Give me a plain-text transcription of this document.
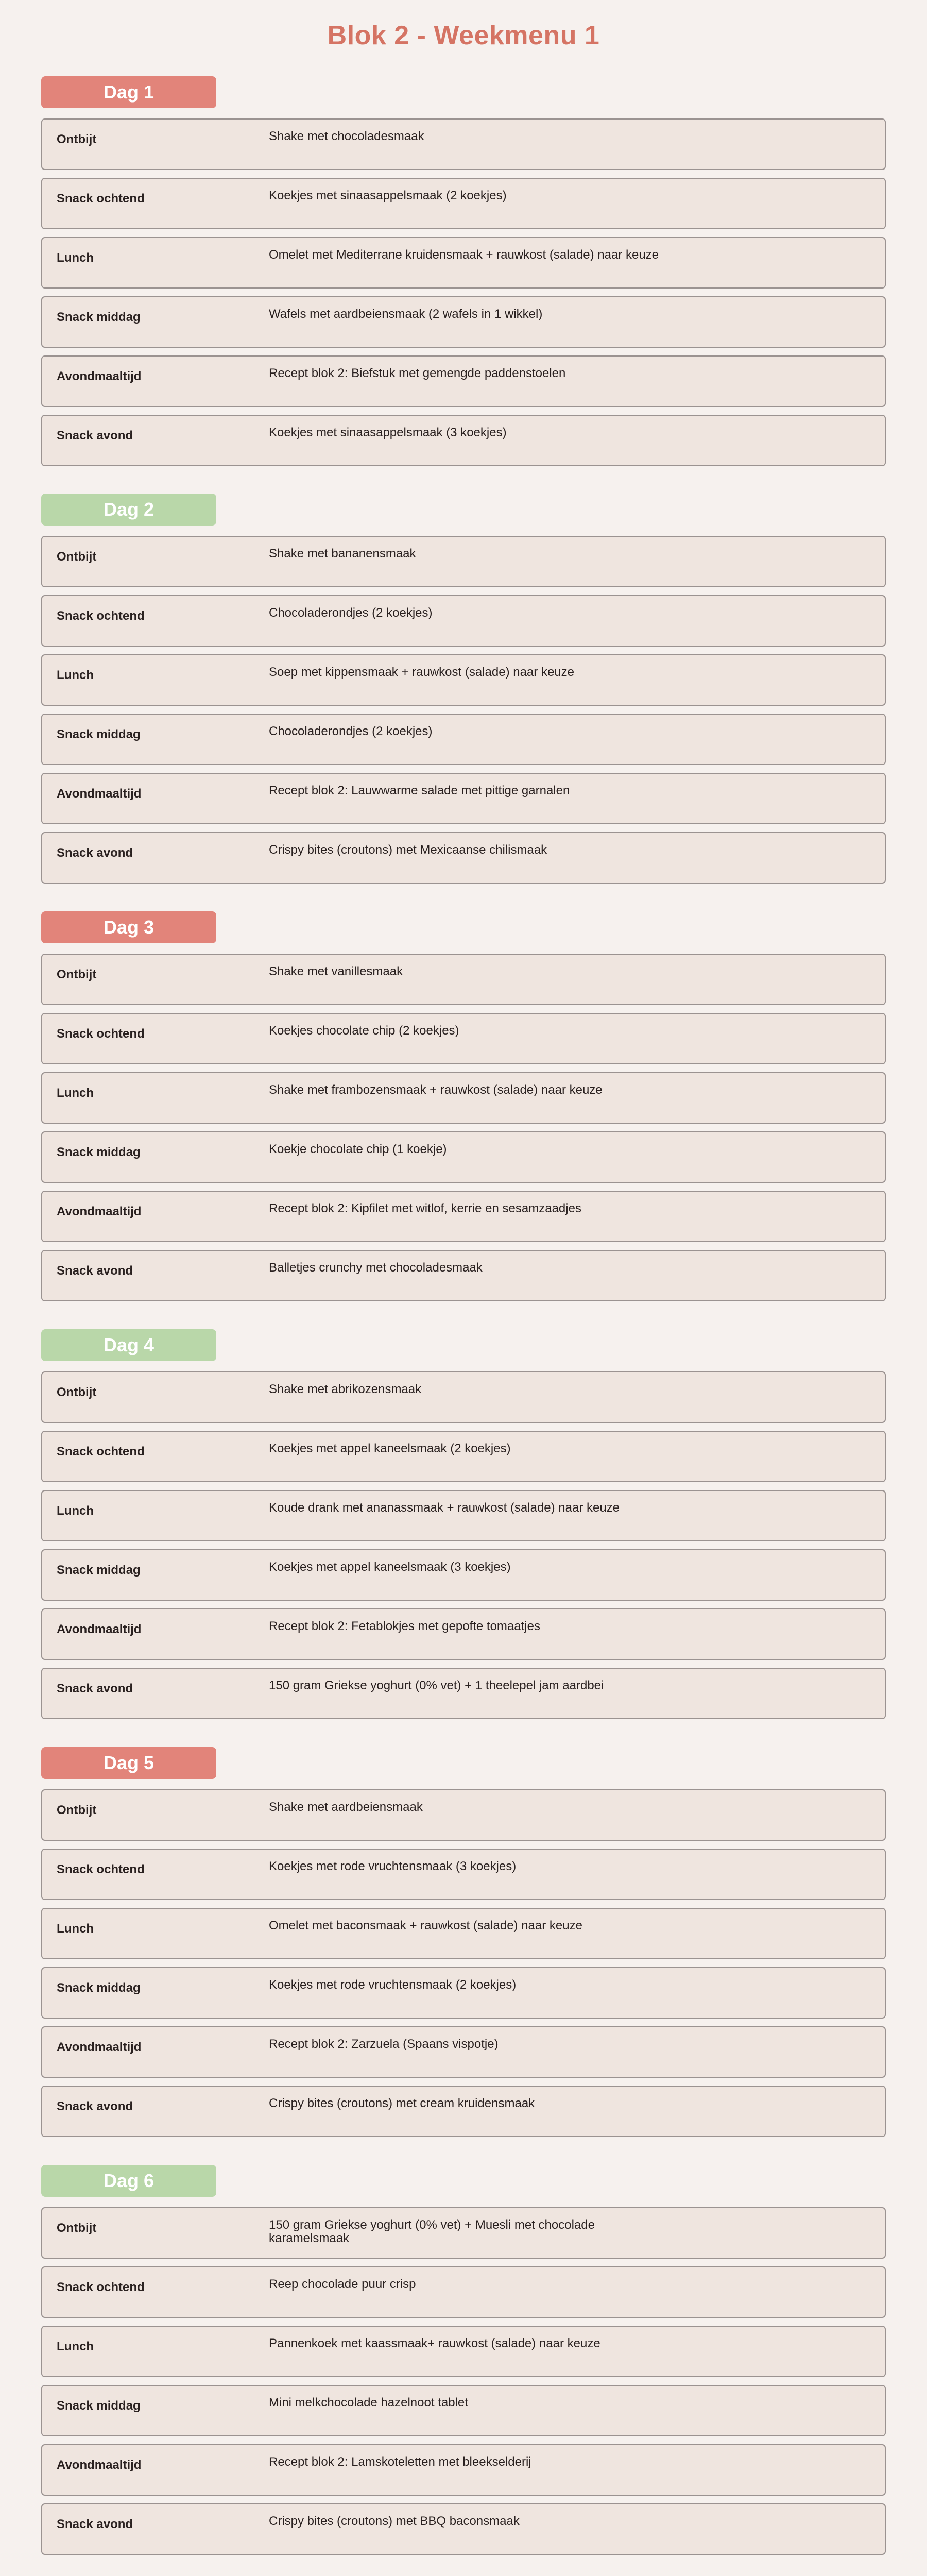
Blok 2 - Weekmenu 1
Dag 1
Ontbijt	Shake met chocoladesmaak
Snack ochtend	Koekjes met sinaasappelsmaak (2 koekjes)
Lunch	Omelet met Mediterrane kruidensmaak + rauwkost (salade) naar keuze
Snack middag	Wafels met aardbeiensmaak (2 wafels in 1 wikkel)
Avondmaaltijd	Recept blok 2: Biefstuk met gemengde paddenstoelen
Snack avond	Koekjes met sinaasappelsmaak (3 koekjes)
Dag 2
Ontbijt	Shake met bananensmaak
Snack ochtend	Chocoladerondjes (2 koekjes)
Lunch	Soep met kippensmaak + rauwkost (salade) naar keuze
Snack middag	Chocoladerondjes (2 koekjes)
Avondmaaltijd	Recept blok 2: Lauwwarme salade met pittige garnalen
Snack avond	Crispy bites (croutons) met Mexicaanse chilismaak
Dag 3
Ontbijt	Shake met vanillesmaak
Snack ochtend	Koekjes chocolate chip (2 koekjes)
Lunch	Shake met frambozensmaak + rauwkost (salade) naar keuze
Snack middag	Koekje chocolate chip (1 koekje)
Avondmaaltijd	Recept blok 2: Kipfilet met witlof, kerrie en sesamzaadjes
Snack avond	Balletjes crunchy met chocoladesmaak
Dag 4
Ontbijt	Shake met abrikozensmaak
Snack ochtend	Koekjes met appel kaneelsmaak (2 koekjes)
Lunch	Koude drank met ananassmaak + rauwkost (salade) naar keuze
Snack middag	Koekjes met appel kaneelsmaak (3 koekjes)
Avondmaaltijd	Recept blok 2: Fetablokjes met gepofte tomaatjes
Snack avond	150 gram Griekse yoghurt (0% vet) + 1 theelepel jam aardbei
Dag 5
Ontbijt	Shake met aardbeiensmaak
Snack ochtend	Koekjes met rode vruchtensmaak (3 koekjes)
Lunch	Omelet met baconsmaak + rauwkost (salade) naar keuze
Snack middag	Koekjes met rode vruchtensmaak (2 koekjes)
Avondmaaltijd	Recept blok 2: Zarzuela (Spaans vispotje)
Snack avond	Crispy bites (croutons) met cream kruidensmaak
Dag 6
Ontbijt	150 gram Griekse yoghurt (0% vet) + Muesli met chocolade karamelsmaak
Snack ochtend	Reep chocolade puur crisp
Lunch	Pannenkoek met kaassmaak+ rauwkost (salade) naar keuze
Snack middag	Mini melkchocolade hazelnoot tablet
Avondmaaltijd	Recept blok 2: Lamskoteletten met bleekselderij
Snack avond	Crispy bites (croutons) met BBQ baconsmaak
